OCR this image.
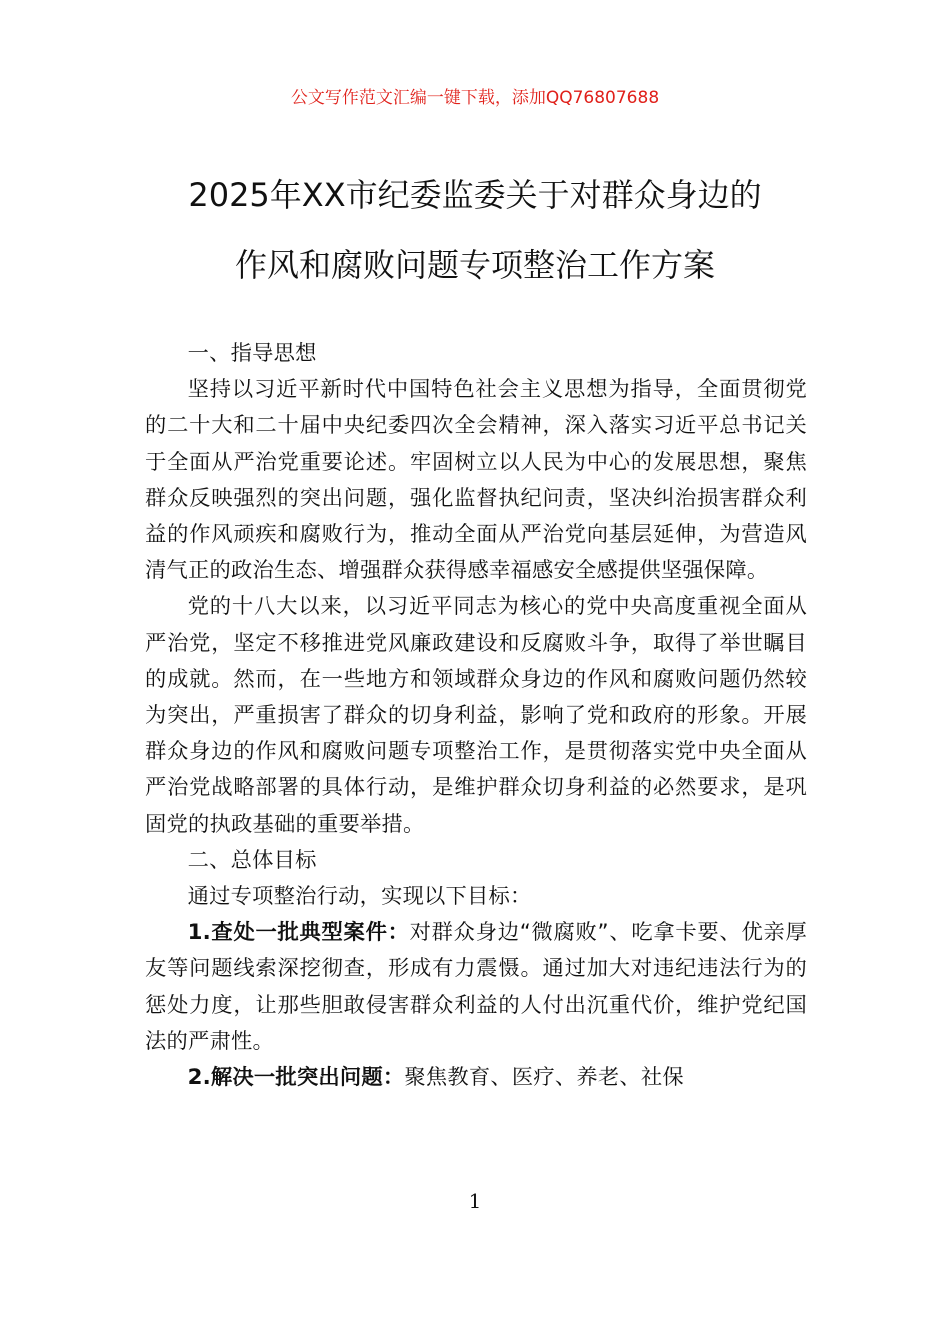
公文写作范文汇编一键下载，添加QQ76807688
2025年XX市纪委监委关于对群众身边的
作风和腐败问题专项整治工作方案

一、指导思想

坚持以习近平新时代中国特色社会主义思想为指导，全面贯彻党的二十大和二十届中央纪委四次全会精神，深入落实习近平总书记关于全面从严治党重要论述。牢固树立以人民为中心的发展思想，聚焦群众反映强烈的突出问题，强化监督执纪问责，坚决纠治损害群众利益的作风顽疾和腐败行为，推动全面从严治党向基层延伸，为营造风清气正的政治生态、增强群众获得感幸福感安全感提供坚强保障。

党的十八大以来，以习近平同志为核心的党中央高度重视全面从严治党，坚定不移推进党风廉政建设和反腐败斗争，取得了举世瞩目的成就。然而，在一些地方和领域群众身边的作风和腐败问题仍然较为突出，严重损害了群众的切身利益，影响了党和政府的形象。开展群众身边的作风和腐败问题专项整治工作，是贯彻落实党中央全面从严治党战略部署的具体行动，是维护群众切身利益的必然要求，是巩固党的执政基础的重要举措。

二、总体目标

通过专项整治行动，实现以下目标：

1.查处一批典型案件：对群众身边“微腐败”、吃拿卡要、优亲厚友等问题线索深挖彻查，形成有力震慑。通过加大对违纪违法行为的惩处力度，让那些胆敢侵害群众利益的人付出沉重代价，维护党纪国法的严肃性。

2.解决一批突出问题：聚焦教育、医疗、养老、社保

1
